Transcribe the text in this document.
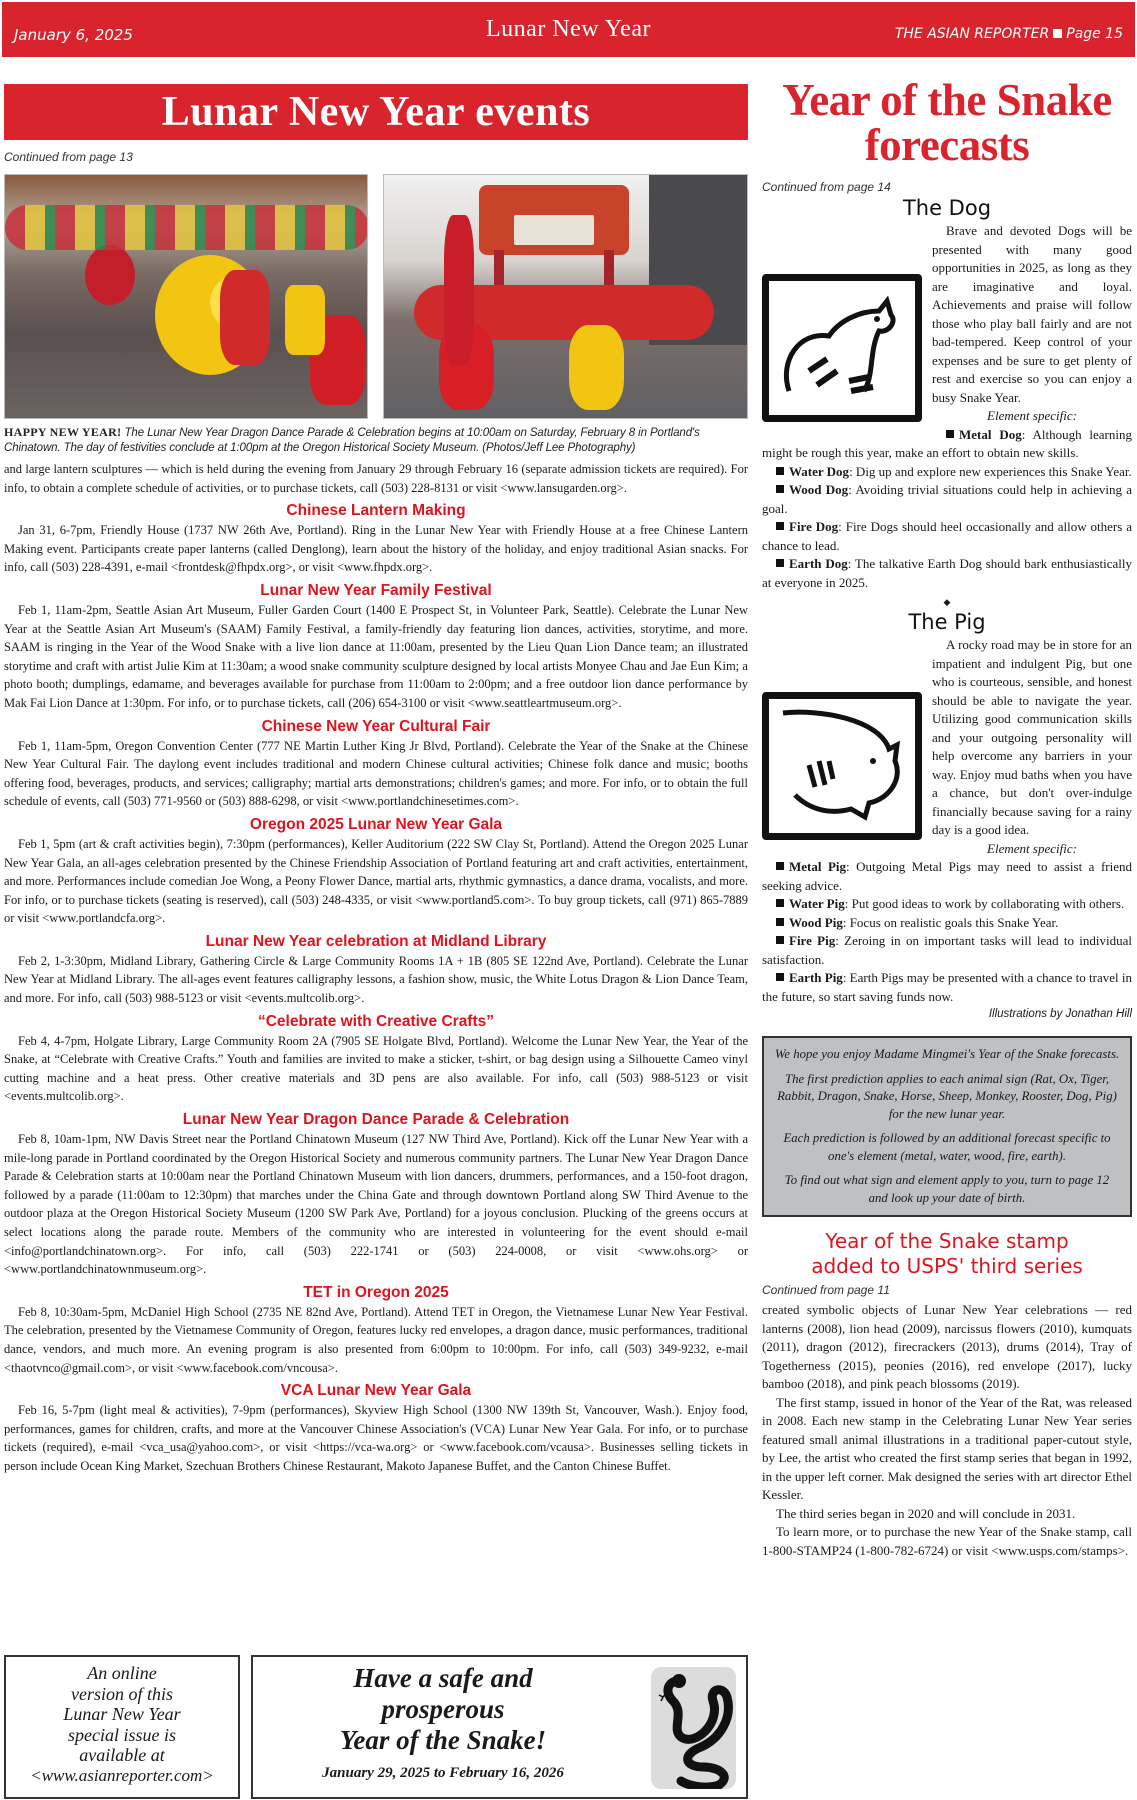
January 6, 2025	Lunar New Year	THE ASIAN REPORTER Page 15
Lunar New Year events
Continued from page 13
HAPPY NEW YEAR! The Lunar New Year Dragon Dance Parade & Celebration begins at 10:00am on Saturday, February 8 in Portland's Chinatown. The day of festivities conclude at 1:00pm at the Oregon Historical Society Museum. (Photos/Jeff Lee Photography)

and large lantern sculptures — which is held during the evening from January 29 through February 16 (separate admission tickets are required). For info, to obtain a complete schedule of activities, or to purchase tickets, call (503) 228-8131 or visit <www.lansugarden.org>.

Chinese Lantern Making

Jan 31, 6-7pm, Friendly House (1737 NW 26th Ave, Portland). Ring in the Lunar New Year with Friendly House at a free Chinese Lantern Making event. Participants create paper lanterns (called Denglong), learn about the history of the holiday, and enjoy traditional Asian snacks. For info, call (503) 228-4391, e-mail <frontdesk@fhpdx.org>, or visit <www.fhpdx.org>.

Lunar New Year Family Festival

Feb 1, 11am-2pm, Seattle Asian Art Museum, Fuller Garden Court (1400 E Prospect St, in Volunteer Park, Seattle). Celebrate the Lunar New Year at the Seattle Asian Art Museum's (SAAM) Family Festival, a family-friendly day featuring lion dances, activities, storytime, and more. SAAM is ringing in the Year of the Wood Snake with a live lion dance at 11:00am, presented by the Lieu Quan Lion Dance team; an illustrated storytime and craft with artist Julie Kim at 11:30am; a wood snake community sculpture designed by local artists Monyee Chau and Jae Eun Kim; a photo booth; dumplings, edamame, and beverages available for purchase from 11:00am to 2:00pm; and a free outdoor lion dance performance by Mak Fai Lion Dance at 1:30pm. For info, or to purchase tickets, call (206) 654-3100 or visit <www.seattleartmuseum.org>.

Chinese New Year Cultural Fair

Feb 1, 11am-5pm, Oregon Convention Center (777 NE Martin Luther King Jr Blvd, Portland). Celebrate the Year of the Snake at the Chinese New Year Cultural Fair. The daylong event includes traditional and modern Chinese cultural activities; Chinese folk dance and music; booths offering food, beverages, products, and services; calligraphy; martial arts demonstrations; children's games; and more. For info, or to obtain the full schedule of events, call (503) 771-9560 or (503) 888-6298, or visit <www.portlandchinesetimes.com>.

Oregon 2025 Lunar New Year Gala

Feb 1, 5pm (art & craft activities begin), 7:30pm (performances), Keller Auditorium (222 SW Clay St, Portland). Attend the Oregon 2025 Lunar New Year Gala, an all-ages celebration presented by the Chinese Friendship Association of Portland featuring art and craft activities, entertainment, and more. Performances include comedian Joe Wong, a Peony Flower Dance, martial arts, rhythmic gymnastics, a dance drama, vocalists, and more. For info, or to purchase tickets (seating is reserved), call (503) 248-4335, or visit <www.portland5.com>. To buy group tickets, call (971) 865-7889 or visit <www.portlandcfa.org>.

Lunar New Year celebration at Midland Library

Feb 2, 1-3:30pm, Midland Library, Gathering Circle & Large Community Rooms 1A + 1B (805 SE 122nd Ave, Portland). Celebrate the Lunar New Year at Midland Library. The all-ages event features calligraphy lessons, a fashion show, music, the White Lotus Dragon & Lion Dance Team, and more. For info, call (503) 988-5123 or visit <events.multcolib.org>.

“Celebrate with Creative Crafts”

Feb 4, 4-7pm, Holgate Library, Large Community Room 2A (7905 SE Holgate Blvd, Portland). Welcome the Lunar New Year, the Year of the Snake, at “Celebrate with Creative Crafts.” Youth and families are invited to make a sticker, t-shirt, or bag design using a Silhouette Cameo vinyl cutting machine and a heat press. Other creative materials and 3D pens are also available. For info, call (503) 988-5123 or visit <events.multcolib.org>.

Lunar New Year Dragon Dance Parade & Celebration

Feb 8, 10am-1pm, NW Davis Street near the Portland Chinatown Museum (127 NW Third Ave, Portland). Kick off the Lunar New Year with a mile-long parade in Portland coordinated by the Oregon Historical Society and numerous community partners. The Lunar New Year Dragon Dance Parade & Celebration starts at 10:00am near the Portland Chinatown Museum with lion dancers, drummers, performances, and a 150-foot dragon, followed by a parade (11:00am to 12:30pm) that marches under the China Gate and through downtown Portland along SW Third Avenue to the outdoor plaza at the Oregon Historical Society Museum (1200 SW Park Ave, Portland) for a joyous conclusion. Plucking of the greens occurs at select locations along the parade route. Members of the community who are interested in volunteering for the event should e-mail <info@portlandchinatown.org>. For info, call (503) 222-1741 or (503) 224-0008, or visit <www.ohs.org> or <www.portlandchinatownmuseum.org>.

TET in Oregon 2025

Feb 8, 10:30am-5pm, McDaniel High School (2735 NE 82nd Ave, Portland). Attend TET in Oregon, the Vietnamese Lunar New Year Festival. The celebration, presented by the Vietnamese Community of Oregon, features lucky red envelopes, a dragon dance, music performances, traditional dance, vendors, and much more. An evening program is also presented from 6:00pm to 10:00pm. For info, call (503) 349-9232, e-mail <thaotvnco@gmail.com>, or visit <www.facebook.com/vncousa>.

VCA Lunar New Year Gala

Feb 16, 5-7pm (light meal & activities), 7-9pm (performances), Skyview High School (1300 NW 139th St, Vancouver, Wash.). Enjoy food, performances, games for children, crafts, and more at the Vancouver Chinese Association's (VCA) Lunar New Year Gala. For info, or to purchase tickets (required), e-mail <vca_usa@yahoo.com>, or visit <https://vca-wa.org> or <www.facebook.com/vcausa>. Businesses selling tickets in person include Ocean King Market, Szechuan Brothers Chinese Restaurant, Makoto Japanese Buffet, and the Canton Chinese Buffet.

An online
version of this
Lunar New Year
special issue is
available at
<www.asianreporter.com>
Have a safe and
prosperous
Year of the Snake!
January 29, 2025 to February 16, 2026
Year of the Snake
forecasts
Continued from page 14
The Dog

Brave and devoted Dogs will be presented with many good opportunities in 2025, as long as they are imaginative and loyal. Achievements and praise will follow those who play ball fairly and are not bad-tempered. Keep control of your expenses and be sure to get plenty of rest and exercise so you can enjoy a busy Snake Year.

Element specific:

Metal Dog: Although learning might be rough this year, make an effort to obtain new skills.

Water Dog: Dig up and explore new experiences this Snake Year.

Wood Dog: Avoiding trivial situations could help in achieving a goal.

Fire Dog: Fire Dogs should heel occasionally and allow others a chance to lead.

Earth Dog: The talkative Earth Dog should bark enthusiastically at everyone in 2025.

◆
The Pig

A rocky road may be in store for an impatient and indulgent Pig, but one who is courteous, sensible, and honest should be able to navigate the year. Utilizing good communication skills and your outgoing personality will help overcome any barriers in your way. Enjoy mud baths when you have a chance, but don't over-indulge financially because saving for a rainy day is a good idea.

Element specific:

Metal Pig: Outgoing Metal Pigs may need to assist a friend seeking advice.

Water Pig: Put good ideas to work by collaborating with others.

Wood Pig: Focus on realistic goals this Snake Year.

Fire Pig: Zeroing in on important tasks will lead to individual satisfaction.

Earth Pig: Earth Pigs may be presented with a chance to travel in the future, so start saving funds now.

Illustrations by Jonathan Hill

We hope you enjoy Madame Mingmei's Year of the Snake forecasts.

The first prediction applies to each animal sign (Rat, Ox, Tiger, Rabbit, Dragon, Snake, Horse, Sheep, Monkey, Rooster, Dog, Pig) for the new lunar year.

Each prediction is followed by an additional forecast specific to one's element (metal, water, wood, fire, earth).

To find out what sign and element apply to you, turn to page 12 and look up your date of birth.

Year of the Snake stamp
added to USPS' third series
Continued from page 11

created symbolic objects of Lunar New Year celebrations — red lanterns (2008), lion head (2009), narcissus flowers (2010), kumquats (2011), dragon (2012), firecrackers (2013), drums (2014), Tray of Togetherness (2015), peonies (2016), red envelope (2017), lucky bamboo (2018), and pink peach blossoms (2019).

The first stamp, issued in honor of the Year of the Rat, was released in 2008. Each new stamp in the Celebrating Lunar New Year series featured small animal illustrations in a traditional paper-cutout style, by Lee, the artist who created the first stamp series that began in 1992, in the upper left corner. Mak designed the series with art director Ethel Kessler.

The third series began in 2020 and will conclude in 2031.

To learn more, or to purchase the new Year of the Snake stamp, call 1-800-STAMP24 (1-800-782-6724) or visit <www.usps.com/stamps>.
